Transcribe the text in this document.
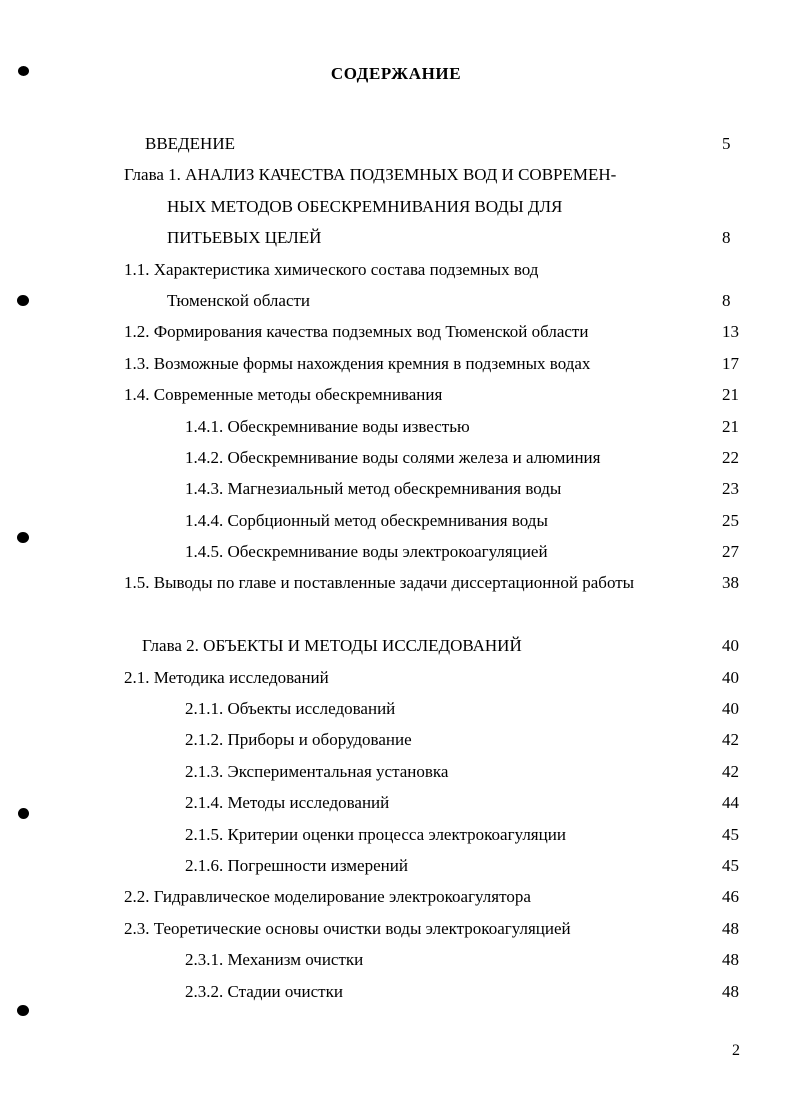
СОДЕРЖАНИЕ
ВВЕДЕНИЕ	5
Глава 1. АНАЛИЗ КАЧЕСТВА ПОДЗЕМНЫХ ВОД И СОВРЕМЕН-
НЫХ МЕТОДОВ ОБЕСКРЕМНИВАНИЯ ВОДЫ ДЛЯ
ПИТЬЕВЫХ ЦЕЛЕЙ	8
1.1. Характеристика химического состава подземных вод
Тюменской области	8
1.2. Формирования качества подземных вод Тюменской области	13
1.3. Возможные формы нахождения кремния в подземных водах	17
1.4. Современные методы обескремнивания	21
1.4.1. Обескремнивание воды известью	21
1.4.2. Обескремнивание воды солями железа и алюминия	22
1.4.3. Магнезиальный метод обескремнивания воды	23
1.4.4. Сорбционный метод обескремнивания воды	25
1.4.5. Обескремнивание воды электрокоагуляцией	27
1.5. Выводы по главе и поставленные задачи диссертационной работы	38
Глава 2. ОБЪЕКТЫ И МЕТОДЫ ИССЛЕДОВАНИЙ	40
2.1. Методика исследований	40
2.1.1. Объекты исследований	40
2.1.2. Приборы и оборудование	42
2.1.3. Экспериментальная установка	42
2.1.4. Методы исследований	44
2.1.5. Критерии оценки процесса электрокоагуляции	45
2.1.6. Погрешности измерений	45
2.2. Гидравлическое моделирование электрокоагулятора	46
2.3. Теоретические основы очистки воды электрокоагуляцией	48
2.3.1. Механизм очистки	48
2.3.2. Стадии очистки	48
2
